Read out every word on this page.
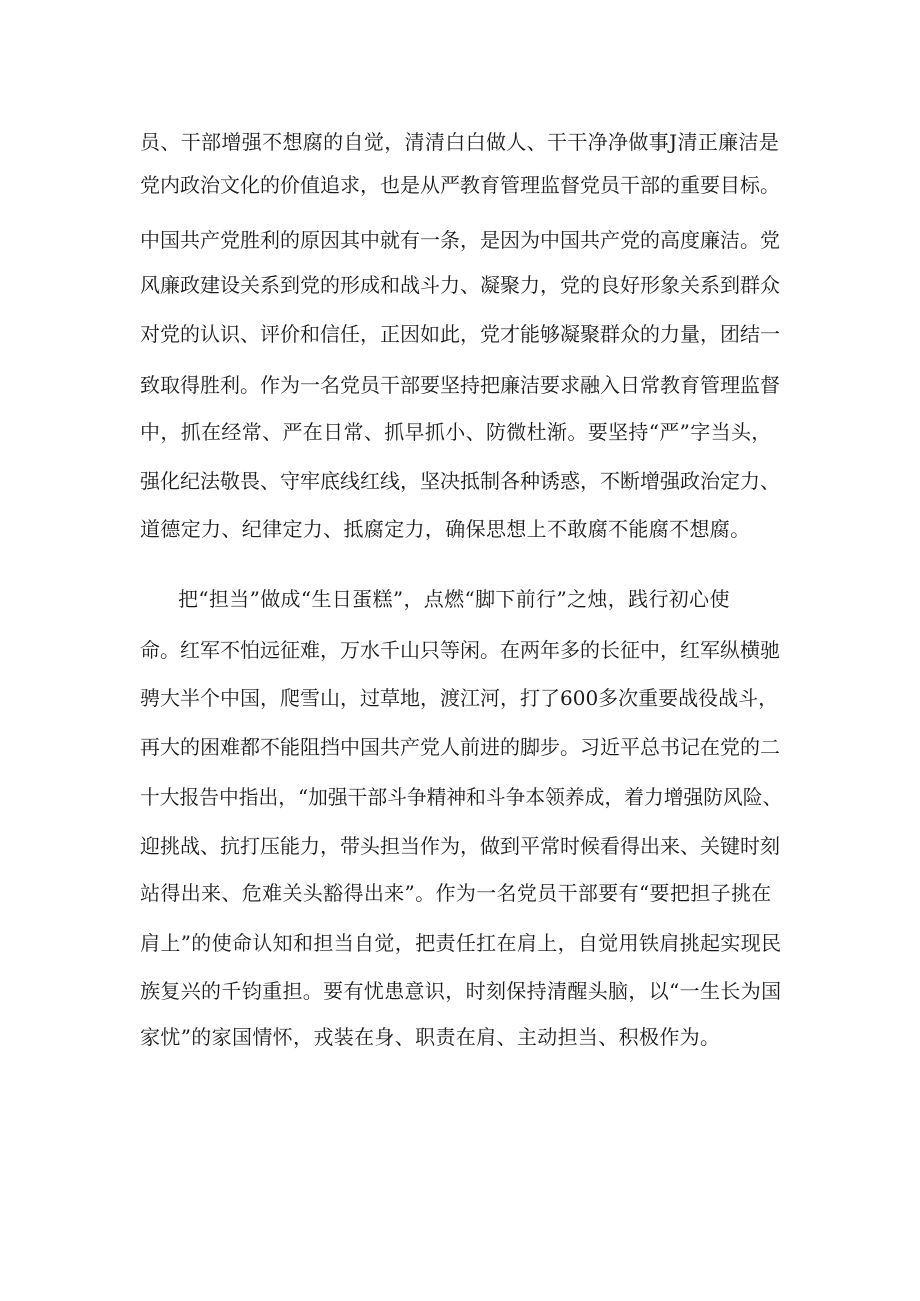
员、干部增强不想腐的自觉，清清白白做人、干干净净做事J清正廉洁是
党内政治文化的价值追求，也是从严教育管理监督党员干部的重要目标。
中国共产党胜利的原因其中就有一条，是因为中国共产党的高度廉洁。党
风廉政建设关系到党的形成和战斗力、凝聚力，党的良好形象关系到群众
对党的认识、评价和信任，正因如此，党才能够凝聚群众的力量，团结一
致取得胜利。作为一名党员干部要坚持把廉洁要求融入日常教育管理监督
中，抓在经常、严在日常、抓早抓小、防微杜渐。要坚持“严”字当头，
强化纪法敬畏、守牢底线红线，坚决抵制各种诱惑，不断增强政治定力、
道德定力、纪律定力、抵腐定力，确保思想上不敢腐不能腐不想腐。
把“担当”做成“生日蛋糕”，点燃“脚下前行”之烛，践行初心使
命。红军不怕远征难，万水千山只等闲。在两年多的长征中，红军纵横驰
骋大半个中国，爬雪山，过草地，渡江河，打了600多次重要战役战斗，
再大的困难都不能阻挡中国共产党人前进的脚步。习近平总书记在党的二
十大报告中指出，“加强干部斗争精神和斗争本领养成，着力增强防风险、
迎挑战、抗打压能力，带头担当作为，做到平常时候看得出来、关键时刻
站得出来、危难关头豁得出来”。作为一名党员干部要有“要把担子挑在
肩上”的使命认知和担当自觉，把责任扛在肩上，自觉用铁肩挑起实现民
族复兴的千钧重担。要有忧患意识，时刻保持清醒头脑，以“一生长为国
家忧”的家国情怀，戎装在身、职责在肩、主动担当、积极作为。
